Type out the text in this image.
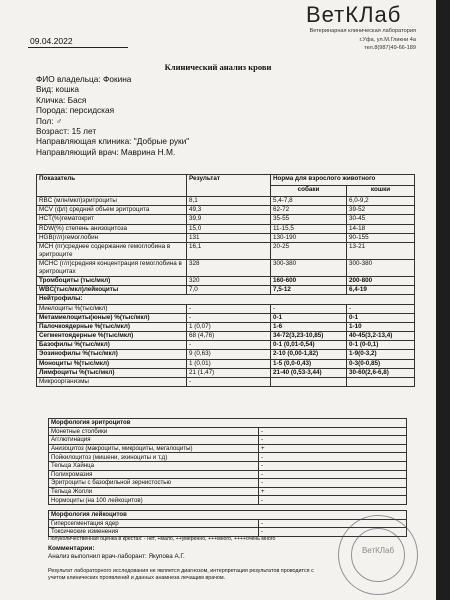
09.04.2022
ВетКЛаб
Ветеринарная клиническая лаборатория
г.Уфа, ул.М.Гликни 4а
тел.8(987)49-66-189
Клинический анализ крови
ФИО владельца: Фокина
Вид: кошка
Кличка: Бася
Порода: персидская
Пол: ♂
Возраст: 15 лет
Направляющая клиника: "Добрые руки"
Направляющий врач: Маврина Н.М.
Показатель	Результат	Норма для взрослого животного	
		собаки	кошки
RBC (млн/мкл)эритроциты	8,1	5,4-7,8	6,0-9,2
MCV (фл) средний объем эритроцита	49,3	62-72	39-52
HCT(%)гематокрит	39,9	35-55	30-45
RDW(%) степень анизоцитоза	15,0	11-15,5	14-18
HGB(г/л)гемоглобин	131	130-190	90-155
MCH (пг)среднее содержание гемоглобина в эритроците	16,1	20-25	13-21
MCHC (г/л)средняя концентрация гемоглобина в эритроцитах	328	300-380	300-380
Тромбоциты (тыс/мкл)	320	160-600	200-800
WBC(тыс/мкл)лейкоциты	7,0	7,5-12	6,4-19
Нейтрофилы:			
Миелоциты %(тыс/мкл)	-	-	-
Метамиелоциты(юные) %(тыс/мкл)	-	0-1	0-1
Палочкоядерные %(тыс/мкл)	1 (0,07)	1-6	1-10
Сегментоядерные %(тыс/мкл)	68 (4,76)	34-72(3,23-10,85)	40-45(3,2-13,4)
Базофилы %(тыс/мкл)	-	0-1 (0,01-0,54)	0-1 (0-0,1)
Эозинофилы %(тыс/мкл)	9 (0,63)	2-10 (0,00-1,82)	1-9(0-3,2)
Моноциты %(тыс/мкл)	1 (0,01)	1-5 (0,0-0,43)	0-3(0-0,85)
Лимфоциты %(тыс/мкл)	21 (1,47)	21-40 (0,53-3,44)	30-60(2,6-6,8)
Микроорганизмы	-		
Морфология эритроцитов	
Монетные столбики	-
Агглютинация	-
Анизоцитоз (макроциты, микроциты, мегалоциты)	+
Пойкилоцитоз (мишени, эхиноциты и т.д)	-
Тельца Хайнца	-
Полихромазия	-
Эритроциты с базофильной зернистостью	-
Тельца Жолли	+
Нормоциты (на 100 лейкоцитов)	-
Морфология лейкоцитов	
Гиперсегментация ядер	-
Токсические изменения	-
Полуколичественная оценка в крестах: - нет, +мало, ++умеренно, +++много, ++++очень много
Комментарии:
Анализ выполнил врач-лаборант: Якупова А.Г.
Результат лабораторного исследования не является диагнозом, интерпретация результатов проводится с
учетом клинических проявлений и данных анамнеза лечащим врачом.
ВетКЛаб
